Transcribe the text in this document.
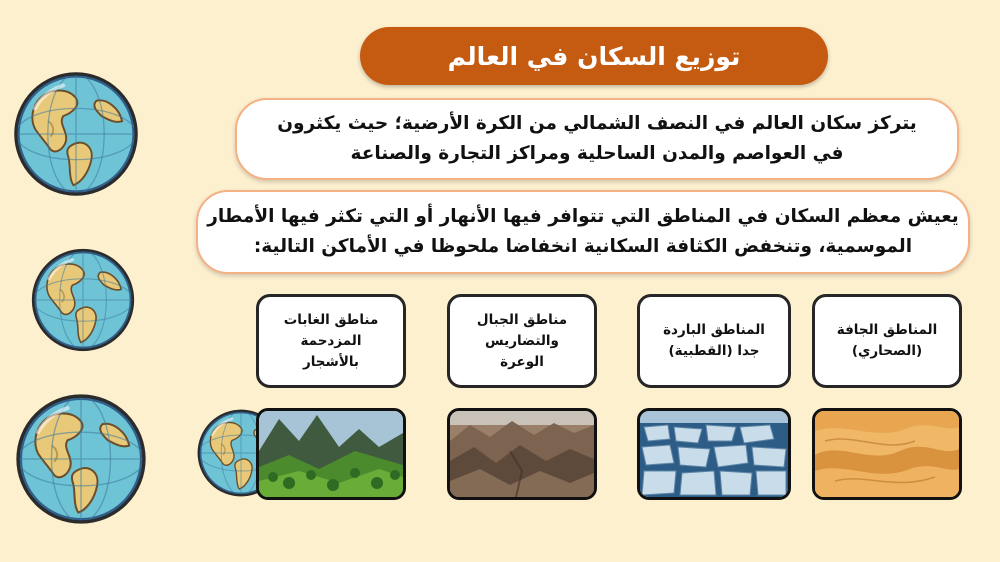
توزيع السكان في العالم
يتركز سكان العالم في النصف الشمالي من الكرة الأرضية؛ حيث يكثرون
في العواصم والمدن الساحلية ومراكز التجارة والصناعة
يعيش معظم السكان في المناطق التي تتوافر فيها الأنهار أو التي تكثر فيها الأمطار
الموسمية، وتنخفض الكثافة السكانية انخفاضا ملحوظا في الأماكن التالية:
المناطق الجافة
(الصحاري)
المناطق الباردة
جدا (القطبية)
مناطق الجبال
والتضاريس
الوعرة
مناطق الغابات
المزدحمة
بالأشجار
